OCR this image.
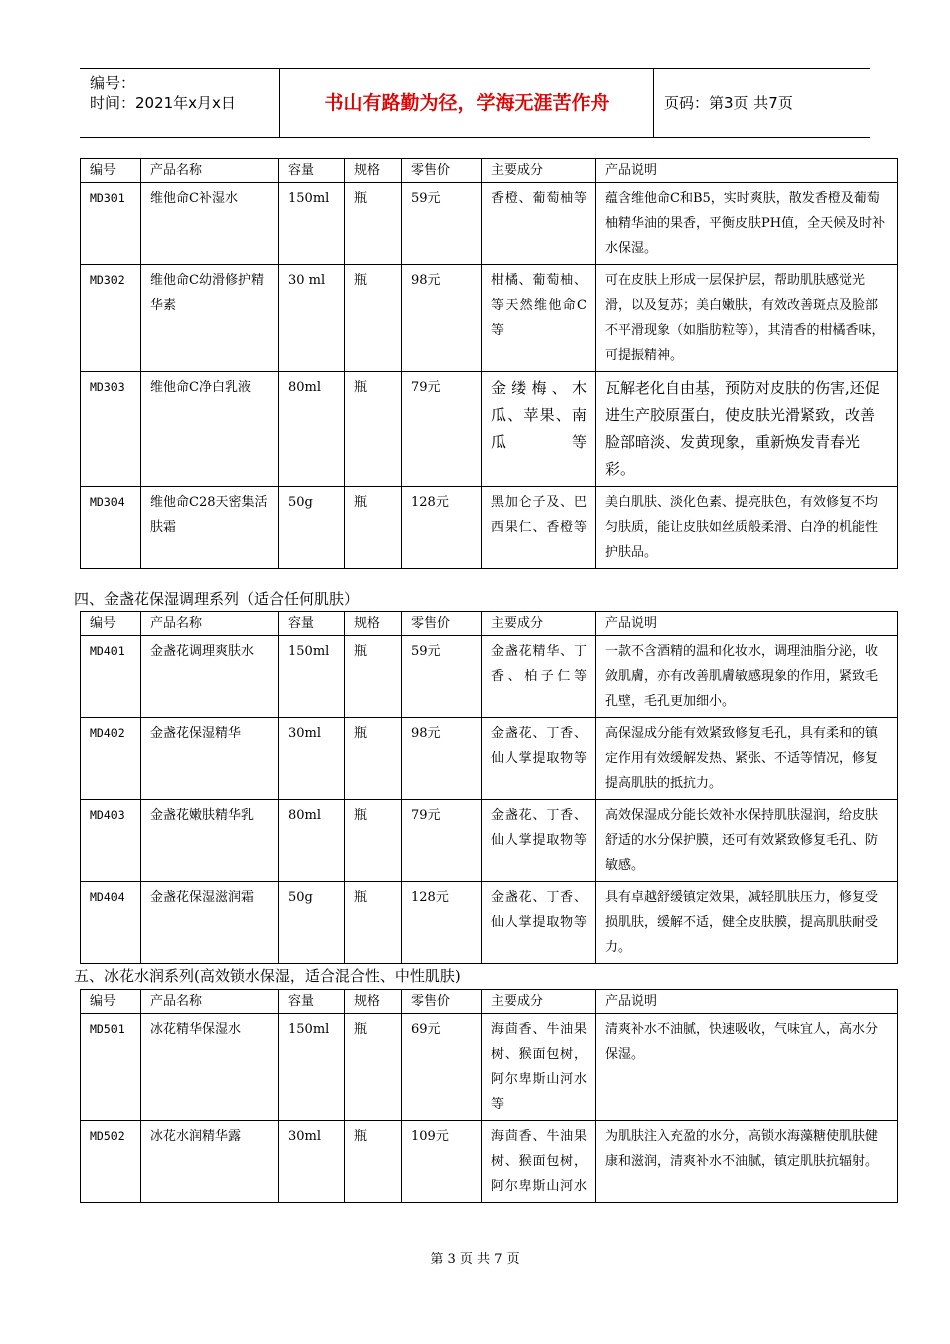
编号：
时间：2021年x月x日	书山有路勤为径，学海无涯苦作舟	页码：第3页 共7页
编号	产品名称	容量	规格	零售价	主要成分	产品说明
MD301	维他命C补湿水	150ml	瓶	59元	香橙、葡萄柚等	蕴含维他命C和B5，实时爽肤，散发香橙及葡萄柚精华油的果香，平衡皮肤PH值，全天候及时补水保湿。
MD302	维他命C幼滑修护精华素	30 ml	瓶	98元	柑橘、葡萄柚、等天然维他命C等	可在皮肤上形成一层保护层，帮助肌肤感觉光滑，以及复苏；美白嫩肤，有效改善斑点及脸部不平滑现象（如脂肪粒等），其清香的柑橘香味，可提振精神。
MD303	维他命C净白乳液	80ml	瓶	79元	金缕梅、木瓜、苹果、南瓜等	瓦解老化自由基，预防对皮肤的伤害,还促进生产胶原蛋白，使皮肤光滑紧致，改善脸部暗淡、发黄现象，重新焕发青春光彩。
MD304	维他命C28天密集活肤霜	50g	瓶	128元	黑加仑子及、巴西果仁、香橙等	美白肌肤、淡化色素、提亮肤色，有效修复不均匀肤质，能让皮肤如丝质般柔滑、白净的机能性护肤品。
四、金盏花保湿调理系列（适合任何肌肤）
编号	产品名称	容量	规格	零售价	主要成分	产品说明
MD401	金盏花调理爽肤水	150ml	瓶	59元	金盏花精华、丁香、柏子仁等	一款不含酒精的温和化妆水，调理油脂分泌，收敛肌膚，亦有改善肌膚敏感現象的作用，紧致毛孔壁，毛孔更加细小。
MD402	金盏花保湿精华	30ml	瓶	98元	金盏花、丁香、仙人掌提取物等	高保湿成分能有效紧致修复毛孔，具有柔和的镇定作用有效缓解发热、紧张、不适等情况，修复提高肌肤的抵抗力。
MD403	金盏花嫩肤精华乳	80ml	瓶	79元	金盏花、丁香、仙人掌提取物等	高效保湿成分能长效补水保持肌肤湿润，给皮肤舒适的水分保护膜，还可有效紧致修复毛孔、防敏感。
MD404	金盏花保湿滋润霜	50g	瓶	128元	金盏花、丁香、仙人掌提取物等	具有卓越舒缓镇定效果，减轻肌肤压力，修复受损肌肤，缓解不适，健全皮肤膜，提高肌肤耐受力。
五、冰花水润系列(高效锁水保湿，适合混合性、中性肌肤)
编号	产品名称	容量	规格	零售价	主要成分	产品说明
MD501	冰花精华保湿水	150ml	瓶	69元	海茴香、牛油果树、猴面包树，阿尔卑斯山河水等	清爽补水不油腻，快速吸收，气味宜人，高水分保湿。
MD502	冰花水润精华露	30ml	瓶	109元	海茴香、牛油果树、猴面包树，阿尔卑斯山河水	为肌肤注入充盈的水分，高锁水海藻糖使肌肤健康和滋润，清爽补水不油腻，镇定肌肤抗辐射。
第 3 页 共 7 页
